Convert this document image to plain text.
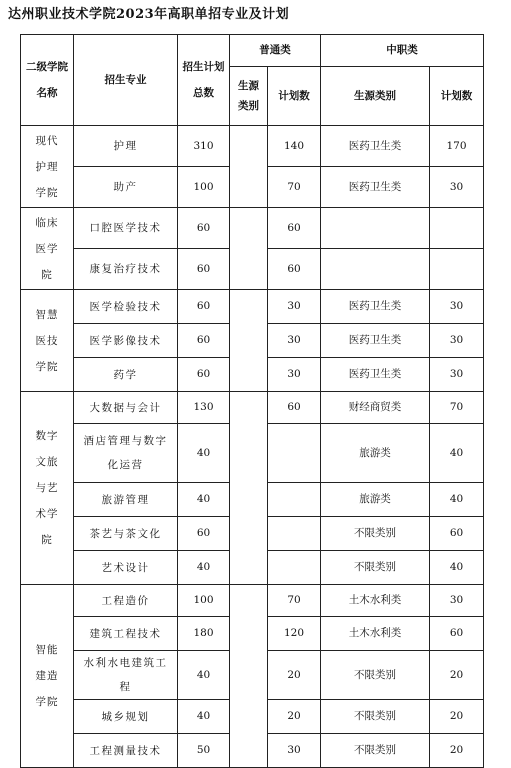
达州职业技术学院2023年高职单招专业及计划
二级学院名称	招生专业	招生计划总数	普通类		中职类	

			生源类别	计划数	生源类别	计划数
现代护理学院	护理	310		140	医药卫生类	170
	助产	100		70	医药卫生类	30
临床医学院	口腔医学技术	60		60		
	康复治疗技术	60		60		
智慧医技学院	医学检验技术	60		30	医药卫生类	30
	医学影像技术	60		30	医药卫生类	30
	药学	60		30	医药卫生类	30
数字文旅与艺术学院	大数据与会计	130		60	财经商贸类	70
	酒店管理与数字化运营	40			旅游类	40
	旅游管理	40			旅游类	40
	茶艺与茶文化	60			不限类别	60
	艺术设计	40			不限类别	40
智能建造学院	工程造价	100		70	土木水利类	30
	建筑工程技术	180		120	土木水利类	60
	水利水电建筑工程	40		20	不限类别	20
	城乡规划	40		20	不限类别	20
	工程测量技术	50		30	不限类别	20
